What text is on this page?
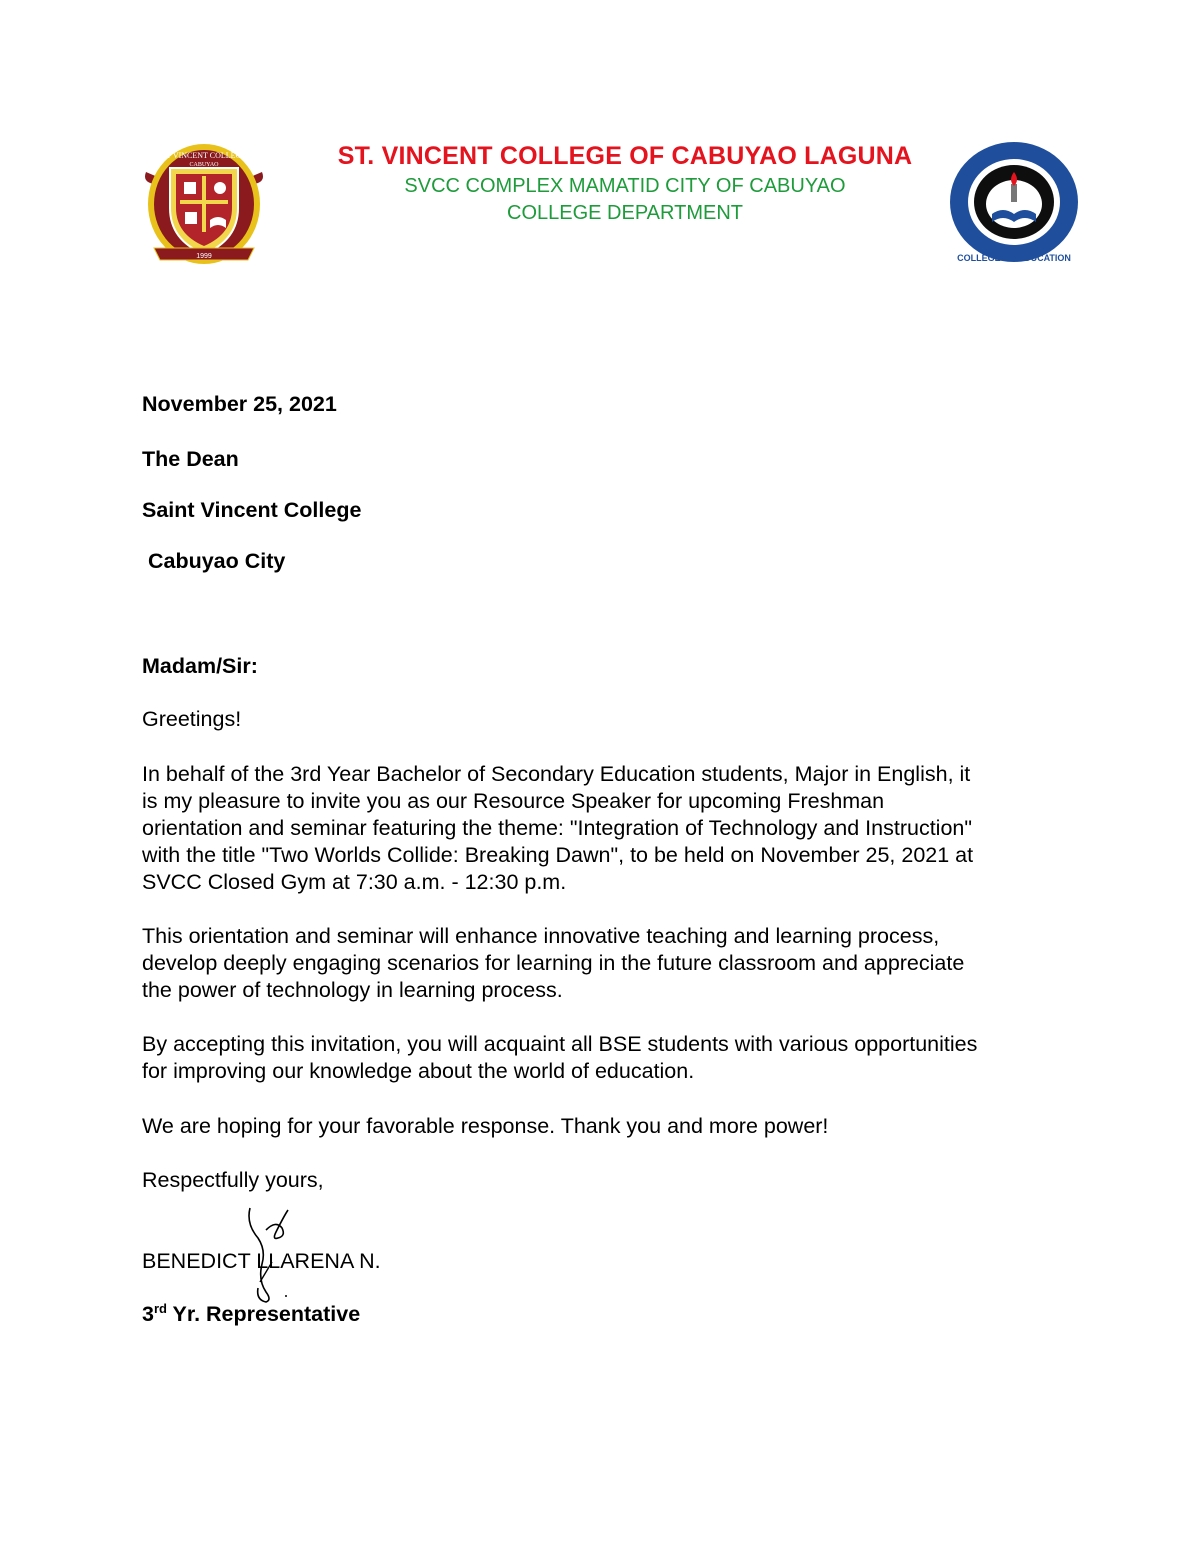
1999
ST VINCENT COLLEGE
CABUYAO	ST. VINCENT COLLEGE OF CABUYAO LAGUNA
SVCC COMPLEX MAMATID CITY OF CABUYAO
COLLEGE DEPARTMENT
COLLEGE OF EDUCATION
November 25, 2021
The Dean
Saint Vincent College
Cabuyao City
Madam/Sir:
Greetings!
In behalf of the 3rd Year Bachelor of Secondary Education students, Major in English, it
is my pleasure to invite you as our Resource Speaker for upcoming Freshman
orientation and seminar featuring the theme: "Integration of Technology and Instruction"
with the title "Two Worlds Collide: Breaking Dawn", to be held on November 25, 2021 at
SVCC Closed Gym at 7:30 a.m. - 12:30 p.m.
This orientation and seminar will enhance innovative teaching and learning process,
develop deeply engaging scenarios for learning in the future classroom and appreciate
the power of technology in learning process.
By accepting this invitation, you will acquaint all BSE students with various opportunities
for improving our knowledge about the world of education.
We are hoping for your favorable response. Thank you and more power!
Respectfully yours,
BENEDICT LLARENA N.
3rd Yr. Representative
